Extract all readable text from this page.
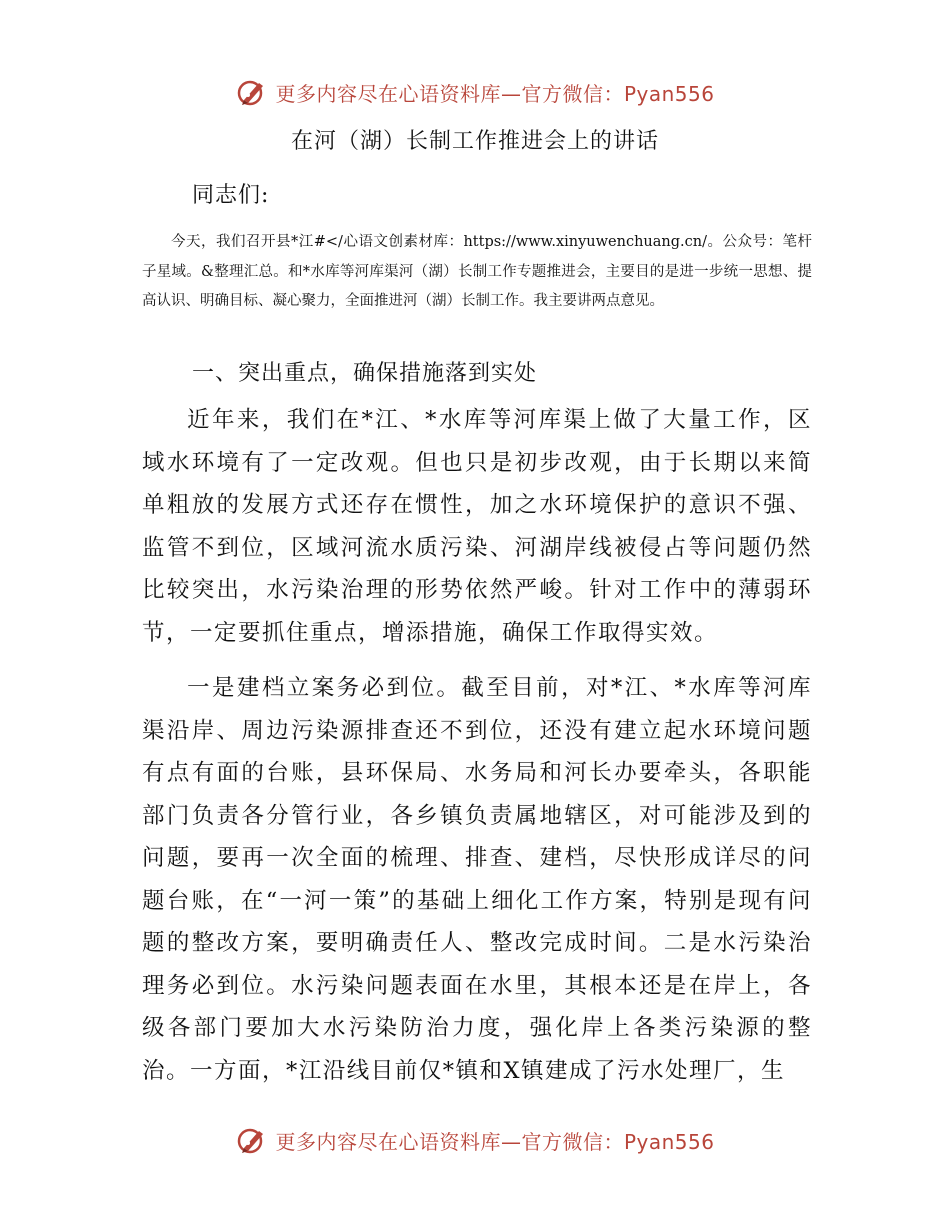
更多内容尽在心语资料库—官方微信：Pyan556
在河（湖）长制工作推进会上的讲话
同志们:

今天，我们召开县*江#</心语文创素材库：https://www.xinyuwenchuang.cn/。公众号：笔杆子星域。&整理汇总。和*水库等河库渠河（湖）长制工作专题推进会，主要目的是进一步统一思想、提高认识、明确目标、凝心聚力，全面推进河（湖）长制工作。我主要讲两点意见。

一、突出重点，确保措施落到实处

近年来，我们在*江、*水库等河库渠上做了大量工作，区域水环境有了一定改观。但也只是初步改观，由于长期以来简单粗放的发展方式还存在惯性，加之水环境保护的意识不强、监管不到位，区域河流水质污染、河湖岸线被侵占等问题仍然比较突出，水污染治理的形势依然严峻。针对工作中的薄弱环节，一定要抓住重点，增添措施，确保工作取得实效。

一是建档立案务必到位。截至目前，对*江、*水库等河库渠沿岸、周边污染源排查还不到位，还没有建立起水环境问题有点有面的台账，县环保局、水务局和河长办要牵头，各职能部门负责各分管行业，各乡镇负责属地辖区，对可能涉及到的问题，要再一次全面的梳理、排查、建档，尽快形成详尽的问题台账，在“一河一策”的基础上细化工作方案，特别是现有问题的整改方案，要明确责任人、整改完成时间。二是水污染治理务必到位。水污染问题表面在水里，其根本还是在岸上，各级各部门要加大水污染防治力度，强化岸上各类污染源的整治。一方面，*江沿线目前仅*镇和X镇建成了污水处理厂，生

更多内容尽在心语资料库—官方微信：Pyan556
